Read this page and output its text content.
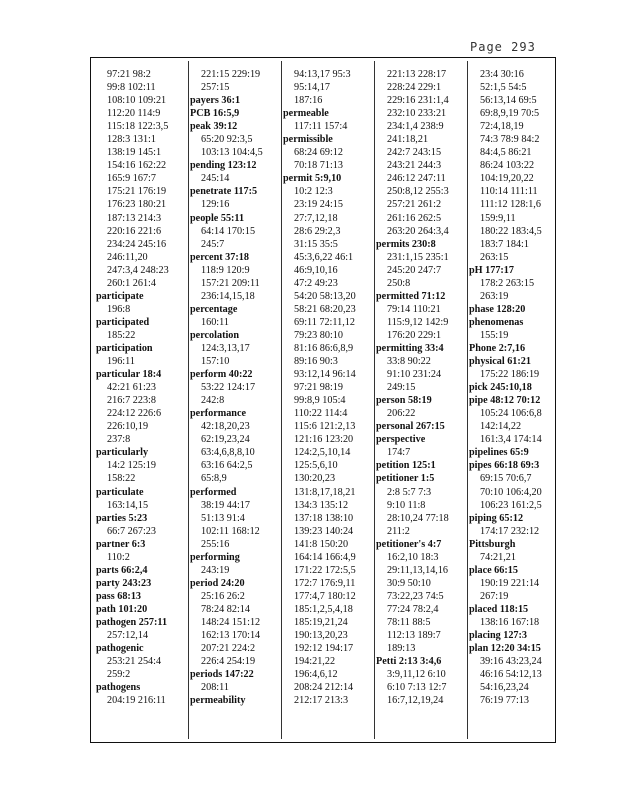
Page 293
97:21 98:2
99:8 102:11
108:10 109:21
112:20 114:9
115:18 122:3,5
128:3 131:1
138:19 145:1
154:16 162:22
165:9 167:7
175:21 176:19
176:23 180:21
187:13 214:3
220:16 221:6
234:24 245:16
246:11,20
247:3,4 248:23
260:1 261:4
participate
196:8
participated
185:22
participation
196:11
particular 18:4
42:21 61:23
216:7 223:8
224:12 226:6
226:10,19
237:8
particularly
14:2 125:19
158:22
particulate
163:14,15
parties 5:23
66:7 267:23
partner 6:3
110:2
parts 66:2,4
party 243:23
pass 68:13
path 101:20
pathogen 257:11
257:12,14
pathogenic
253:21 254:4
259:2
pathogens
204:19 216:11
221:15 229:19
257:15
payers 36:1
PCB 16:5,9
peak 39:12
65:20 92:3,5
103:13 104:4,5
pending 123:12
245:14
penetrate 117:5
129:16
people 55:11
64:14 170:15
245:7
percent 37:18
118:9 120:9
157:21 209:11
236:14,15,18
percentage
160:11
percolation
124:3,13,17
157:10
perform 40:22
53:22 124:17
242:8
performance
42:18,20,23
62:19,23,24
63:4,6,8,8,10
63:16 64:2,5
65:8,9
performed
38:19 44:17
51:13 91:4
102:11 168:12
255:16
performing
243:19
period 24:20
25:16 26:2
78:24 82:14
148:24 151:12
162:13 170:14
207:21 224:2
226:4 254:19
periods 147:22
208:11
permeability
94:13,17 95:3
95:14,17
187:16
permeable
117:11 157:4
permissible
68:24 69:12
70:18 71:13
permit 5:9,10
10:2 12:3
23:19 24:15
27:7,12,18
28:6 29:2,3
31:15 35:5
45:3,6,22 46:1
46:9,10,16
47:2 49:23
54:20 58:13,20
58:21 68:20,23
69:11 72:11,12
79:23 80:10
81:16 86:6,8,9
89:16 90:3
93:12,14 96:14
97:21 98:19
99:8,9 105:4
110:22 114:4
115:6 121:2,13
121:16 123:20
124:2,5,10,14
125:5,6,10
130:20,23
131:8,17,18,21
134:3 135:12
137:18 138:10
139:23 140:24
141:8 150:20
164:14 166:4,9
171:22 172:5,5
172:7 176:9,11
177:4,7 180:12
185:1,2,5,4,18
185:19,21,24
190:13,20,23
192:12 194:17
194:21,22
196:4,6,12
208:24 212:14
212:17 213:3
221:13 228:17
228:24 229:1
229:16 231:1,4
232:10 233:21
234:1,4 238:9
241:18,21
242:7 243:15
243:21 244:3
246:12 247:11
250:8,12 255:3
257:21 261:2
261:16 262:5
263:20 264:3,4
permits 230:8
231:1,15 235:1
245:20 247:7
250:8
permitted 71:12
79:14 110:21
115:9,12 142:9
176:20 229:1
permitting 33:4
33:8 90:22
91:10 231:24
249:15
person 58:19
206:22
personal 267:15
perspective
174:7
petition 125:1
petitioner 1:5
2:8 5:7 7:3
9:10 11:8
28:10,24 77:18
211:2
petitioner's 4:7
16:2,10 18:3
29:11,13,14,16
30:9 50:10
73:22,23 74:5
77:24 78:2,4
78:11 88:5
112:13 189:7
189:13
Petti 2:13 3:4,6
3:9,11,12 6:10
6:10 7:13 12:7
16:7,12,19,24
23:4 30:16
52:1,5 54:5
56:13,14 69:5
69:8,9,19 70:5
72:4,18,19
74:3 78:9 84:2
84:4,5 86:21
86:24 103:22
104:19,20,22
110:14 111:11
111:12 128:1,6
159:9,11
180:22 183:4,5
183:7 184:1
263:15
pH 177:17
178:2 263:15
263:19
phase 128:20
phenomenas
155:19
Phone 2:7,16
physical 61:21
175:22 186:19
pick 245:10,18
pipe 48:12 70:12
105:24 106:6,8
142:14,22
161:3,4 174:14
pipelines 65:9
pipes 66:18 69:3
69:15 70:6,7
70:10 106:4,20
106:23 161:2,5
piping 65:12
174:17 232:12
Pittsburgh
74:21,21
place 66:15
190:19 221:14
267:19
placed 118:15
138:16 167:18
placing 127:3
plan 12:20 34:15
39:16 43:23,24
46:16 54:12,13
54:16,23,24
76:19 77:13
